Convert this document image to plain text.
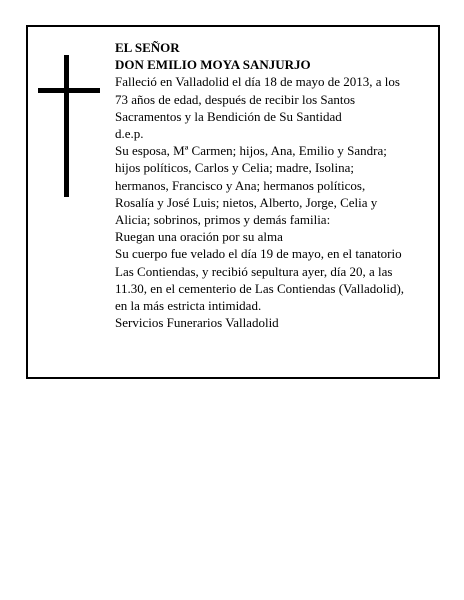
EL SEÑOR
DON EMILIO MOYA SANJURJO
Falleció en Valladolid el día 18 de mayo de 2013, a los
73 años de edad, después de recibir los Santos
Sacramentos y la Bendición de Su Santidad
d.e.p.
Su esposa, Mª Carmen; hijos, Ana, Emilio y Sandra;
hijos políticos, Carlos y Celia; madre, Isolina;
hermanos, Francisco y Ana; hermanos políticos,
Rosalía y José Luis; nietos, Alberto, Jorge, Celia y
Alicia; sobrinos, primos y demás familia:
Ruegan una oración por su alma
Su cuerpo fue velado el día 19 de mayo, en el tanatorio
Las Contiendas, y recibió sepultura ayer, día 20, a las
11.30, en el cementerio de Las Contiendas (Valladolid),
en la más estricta intimidad.
Servicios Funerarios Valladolid
